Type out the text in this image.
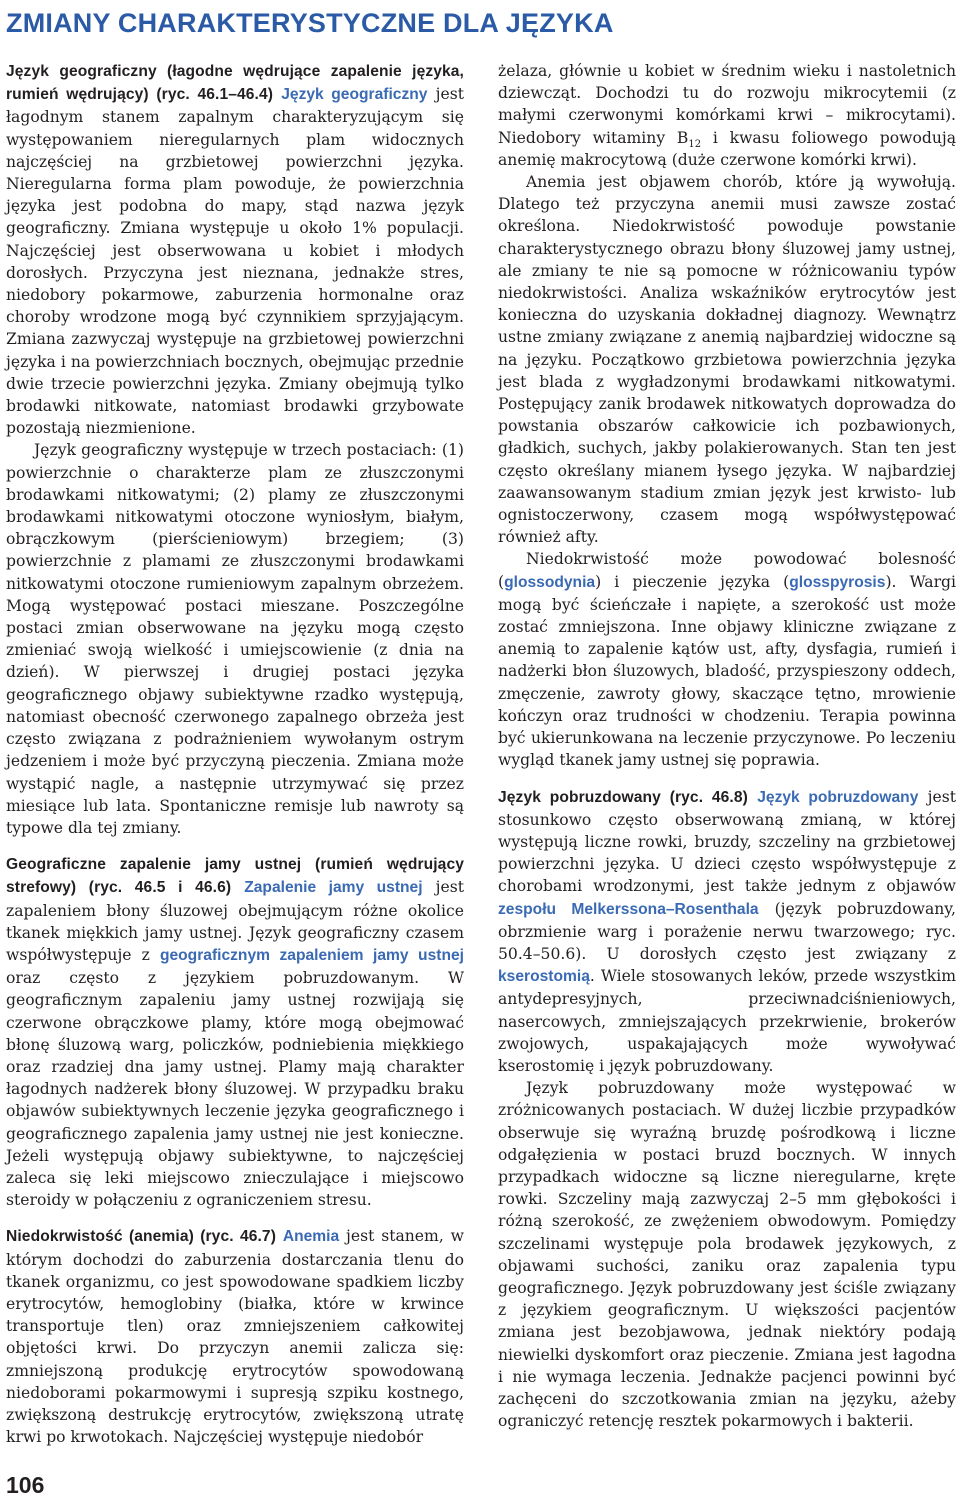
ZMIANY CHARAKTERYSTYCZNE DLA JĘZYKA

Język geograficzny (łagodne wędrujące zapalenie języka, rumień wędrujący) (ryc. 46.1–46.4) Język geograficzny jest łagodnym stanem zapalnym charakteryzującym się występowaniem nieregularnych plam widocznych najczęściej na grzbietowej powierzchni języka. Nieregularna forma plam powoduje, że powierzchnia języka jest podobna do mapy, stąd nazwa język geograficzny. Zmiana występuje u około 1% populacji. Najczęściej jest obserwowana u kobiet i młodych dorosłych. Przyczyna jest nieznana, jednakże stres, niedobory pokarmowe, zaburzenia hormonalne oraz choroby wrodzone mogą być czynnikiem sprzyjającym. Zmiana zazwyczaj występuje na grzbietowej powierzchni języka i na powierzchniach bocznych, obejmując przednie dwie trzecie powierzchni języka. Zmiany obejmują tylko brodawki nitkowate, natomiast brodawki grzybowate pozostają niezmienione.

Język geograficzny występuje w trzech postaciach: (1) powierzchnie o charakterze plam ze złuszczonymi brodawkami nitkowatymi; (2) plamy ze złuszczonymi brodawkami nitkowatymi otoczone wyniosłym, białym, obrączkowym (pierścieniowym) brzegiem; (3) powierzchnie z plamami ze złuszczonymi brodawkami nitkowatymi otoczone rumieniowym zapalnym obrzeżem. Mogą występować postaci mieszane. Poszczególne postaci zmian obserwowane na języku mogą często zmieniać swoją wielkość i umiejscowienie (z dnia na dzień). W pierwszej i drugiej postaci języka geograficznego objawy subiektywne rzadko występują, natomiast obecność czerwonego zapalnego obrzeża jest często związana z podrażnieniem wywołanym ostrym jedzeniem i może być przyczyną pieczenia. Zmiana może wystąpić nagle, a następnie utrzymywać się przez miesiące lub lata. Spontaniczne remisje lub nawroty są typowe dla tej zmiany.

Geograficzne zapalenie jamy ustnej (rumień wędrujący strefowy) (ryc. 46.5 i 46.6) Zapalenie jamy ustnej jest zapaleniem błony śluzowej obejmującym różne okolice tkanek miękkich jamy ustnej. Język geograficzny czasem współwystępuje z geograficznym zapaleniem jamy ustnej oraz często z językiem pobruzdowanym. W geograficznym zapaleniu jamy ustnej rozwijają się czerwone obrączkowe plamy, które mogą obejmować błonę śluzową warg, policzków, podniebienia miękkiego oraz rzadziej dna jamy ustnej. Plamy mają charakter łagodnych nadżerek błony śluzowej. W przypadku braku objawów subiektywnych leczenie języka geograficznego i geograficznego zapalenia jamy ustnej nie jest konieczne. Jeżeli występują objawy subiektywne, to najczęściej zaleca się leki miejscowo znieczulające i miejscowo steroidy w połączeniu z ograniczeniem stresu.

Niedokrwistość (anemia) (ryc. 46.7) Anemia jest stanem, w którym dochodzi do zaburzenia dostarczania tlenu do tkanek organizmu, co jest spowodowane spadkiem liczby erytrocytów, hemoglobiny (białka, które w krwince transportuje tlen) oraz zmniejszeniem całkowitej objętości krwi. Do przyczyn anemii zalicza się: zmniejszoną produkcję erytrocytów spowodowaną niedoborami pokarmowymi i supresją szpiku kostnego, zwiększoną destrukcję erytrocytów, zwiększoną utratę krwi po krwotokach. Najczęściej występuje niedobór

żelaza, głównie u kobiet w średnim wieku i nastoletnich dziewcząt. Dochodzi tu do rozwoju mikrocytemii (z małymi czerwonymi komórkami krwi – mikrocytami). Niedobory witaminy $B_{12}$ i kwasu foliowego powodują anemię makrocytową (duże czerwone komórki krwi).

Anemia jest objawem chorób, które ją wywołują. Dlatego też przyczyna anemii musi zawsze zostać określona. Niedokrwistość powoduje powstanie charakterystycznego obrazu błony śluzowej jamy ustnej, ale zmiany te nie są pomocne w różnicowaniu typów niedokrwistości. Analiza wskaźników erytrocytów jest konieczna do uzyskania dokładnej diagnozy. Wewnątrz ustne zmiany związane z anemią najbardziej widoczne są na języku. Początkowo grzbietowa powierzchnia języka jest blada z wygładzonymi brodawkami nitkowatymi. Postępujący zanik brodawek nitkowatych doprowadza do powstania obszarów całkowicie ich pozbawionych, gładkich, suchych, jakby polakierowanych. Stan ten jest często określany mianem łysego języka. W najbardziej zaawansowanym stadium zmian język jest krwisto- lub ognistoczerwony, czasem mogą współwystępować również afty.

Niedokrwistość może powodować bolesność (glossodynia) i pieczenie języka (glosspyrosis). Wargi mogą być ścieńczałe i napięte, a szerokość ust może zostać zmniejszona. Inne objawy kliniczne związane z anemią to zapalenie kątów ust, afty, dysfagia, rumień i nadżerki błon śluzowych, bladość, przyspieszony oddech, zmęczenie, zawroty głowy, skaczące tętno, mrowienie kończyn oraz trudności w chodzeniu. Terapia powinna być ukierunkowana na leczenie przyczynowe. Po leczeniu wygląd tkanek jamy ustnej się poprawia.

Język pobruzdowany (ryc. 46.8) Język pobruzdowany jest stosunkowo często obserwowaną zmianą, w której występują liczne rowki, bruzdy, szczeliny na grzbietowej powierzchni języka. U dzieci często współwystępuje z chorobami wrodzonymi, jest także jednym z objawów zespołu Melkerssona–Rosenthala (język pobruzdowany, obrzmienie warg i porażenie nerwu twarzowego; ryc. 50.4–50.6). U dorosłych często jest związany z kserostomią. Wiele stosowanych leków, przede wszystkim antydepresyjnych, przeciwnadciśnieniowych, nasercowych, zmniejszających przekrwienie, brokerów zwojowych, uspakajających może wywoływać kserostomię i język pobruzdowany.

Język pobruzdowany może występować w zróżnicowanych postaciach. W dużej liczbie przypadków obserwuje się wyraźną bruzdę pośrodkową i liczne odgałęzienia w postaci bruzd bocznych. W innych przypadkach widoczne są liczne nieregularne, kręte rowki. Szczeliny mają zazwyczaj 2–5 mm głębokości i różną szerokość, ze zwężeniem obwodowym. Pomiędzy szczelinami występuje pola brodawek językowych, z objawami suchości, zaniku oraz zapalenia typu geograficznego. Język pobruzdowany jest ściśle związany z językiem geograficznym. U większości pacjentów zmiana jest bezobjawowa, jednak niektóry podają niewielki dyskomfort oraz pieczenie. Zmiana jest łagodna i nie wymaga leczenia. Jednakże pacjenci powinni być zachęceni do szczotkowania zmian na języku, ażeby ograniczyć retencję resztek pokarmowych i bakterii.

106
